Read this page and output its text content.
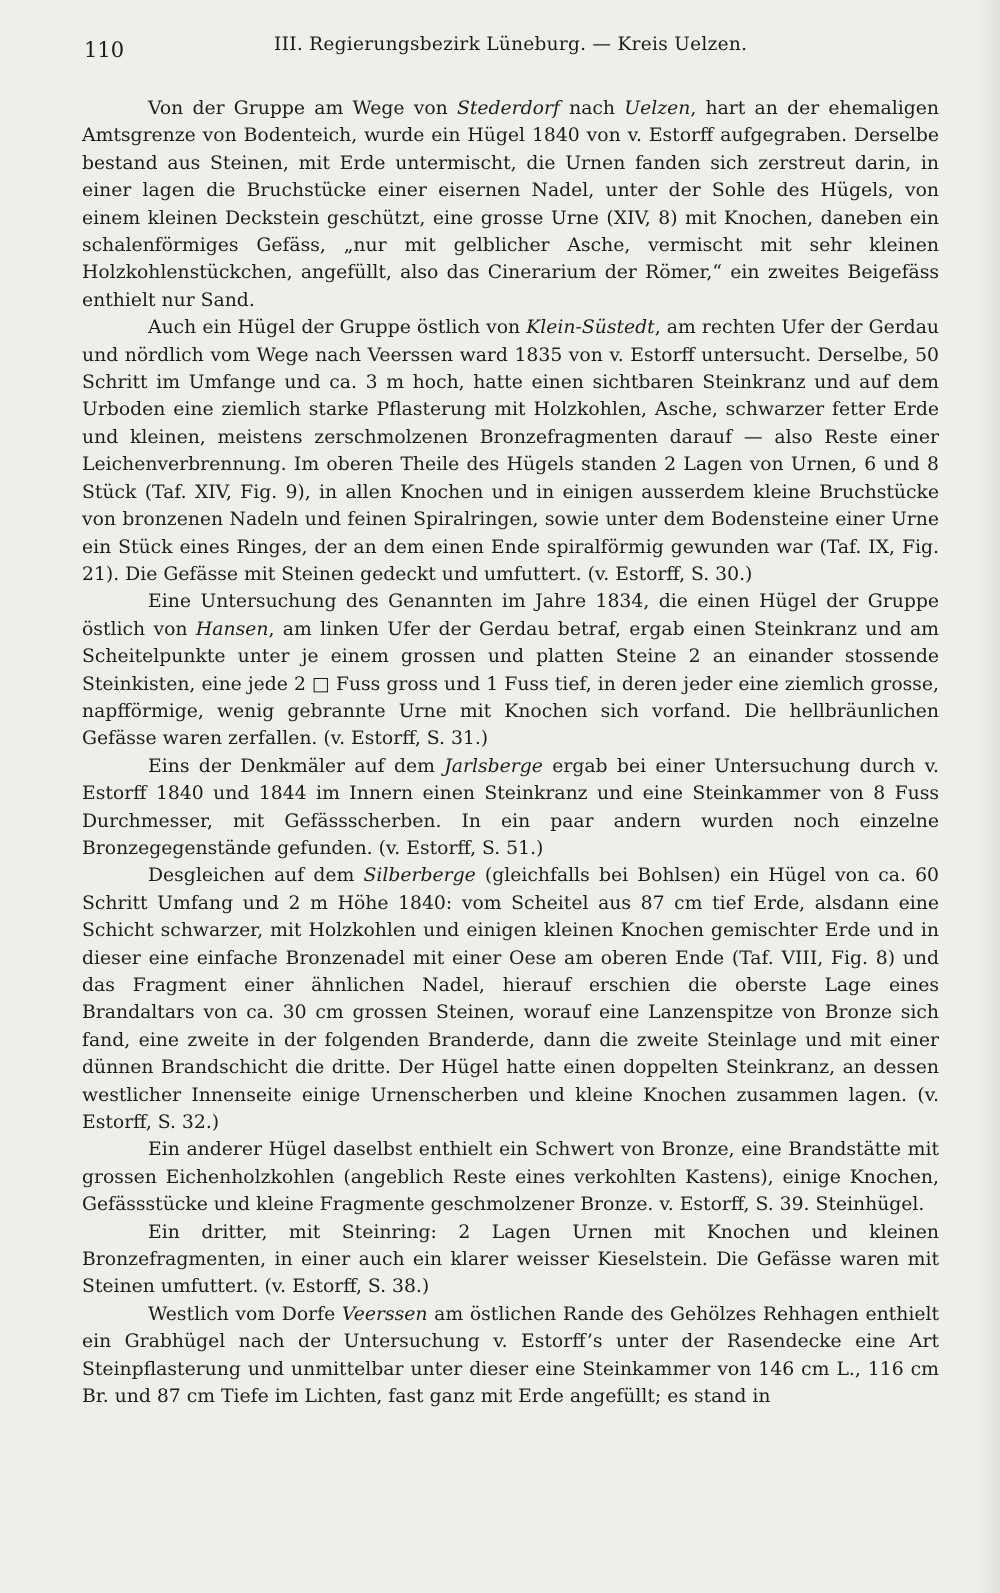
110	III. Regierungsbezirk Lüneburg. — Kreis Uelzen.

Von der Gruppe am Wege von Stederdorf nach Uelzen, hart an der ehemaligen Amtsgrenze von Bodenteich, wurde ein Hügel 1840 von v. Estorff aufgegraben. Derselbe bestand aus Steinen, mit Erde untermischt, die Urnen fanden sich zerstreut darin, in einer lagen die Bruchstücke einer eisernen Nadel, unter der Sohle des Hügels, von einem kleinen Deckstein geschützt, eine grosse Urne (XIV, 8) mit Knochen, daneben ein schalenförmiges Gefäss, „nur mit gelblicher Asche, vermischt mit sehr kleinen Holzkohlenstückchen, angefüllt, also das Cinerarium der Römer,“ ein zweites Beigefäss enthielt nur Sand.

Auch ein Hügel der Gruppe östlich von Klein-Süstedt, am rechten Ufer der Gerdau und nördlich vom Wege nach Veerssen ward 1835 von v. Estorff untersucht. Derselbe, 50 Schritt im Umfange und ca. 3 m hoch, hatte einen sichtbaren Steinkranz und auf dem Urboden eine ziemlich starke Pflasterung mit Holzkohlen, Asche, schwarzer fetter Erde und kleinen, meistens zerschmolzenen Bronzefragmenten darauf — also Reste einer Leichenverbrennung. Im oberen Theile des Hügels standen 2 Lagen von Urnen, 6 und 8 Stück (Taf. XIV, Fig. 9), in allen Knochen und in einigen ausserdem kleine Bruchstücke von bronzenen Nadeln und feinen Spiralringen, sowie unter dem Bodensteine einer Urne ein Stück eines Ringes, der an dem einen Ende spiralförmig gewunden war (Taf. IX, Fig. 21). Die Gefässe mit Steinen gedeckt und umfuttert. (v. Estorff, S. 30.)

Eine Untersuchung des Genannten im Jahre 1834, die einen Hügel der Gruppe östlich von Hansen, am linken Ufer der Gerdau betraf, ergab einen Steinkranz und am Scheitelpunkte unter je einem grossen und platten Steine 2 an einander stossende Steinkisten, eine jede 2 □ Fuss gross und 1 Fuss tief, in deren jeder eine ziemlich grosse, napfförmige, wenig gebrannte Urne mit Knochen sich vorfand. Die hellbräunlichen Gefässe waren zerfallen. (v. Estorff, S. 31.)

Eins der Denkmäler auf dem Jarlsberge ergab bei einer Untersuchung durch v. Estorff 1840 und 1844 im Innern einen Steinkranz und eine Steinkammer von 8 Fuss Durchmesser, mit Gefässscherben. In ein paar andern wurden noch einzelne Bronzegegenstände gefunden. (v. Estorff, S. 51.)

Desgleichen auf dem Silberberge (gleichfalls bei Bohlsen) ein Hügel von ca. 60 Schritt Umfang und 2 m Höhe 1840: vom Scheitel aus 87 cm tief Erde, alsdann eine Schicht schwarzer, mit Holzkohlen und einigen kleinen Knochen gemischter Erde und in dieser eine einfache Bronzenadel mit einer Oese am oberen Ende (Taf. VIII, Fig. 8) und das Fragment einer ähnlichen Nadel, hierauf erschien die oberste Lage eines Brandaltars von ca. 30 cm grossen Steinen, worauf eine Lanzenspitze von Bronze sich fand, eine zweite in der folgenden Branderde, dann die zweite Steinlage und mit einer dünnen Brandschicht die dritte. Der Hügel hatte einen doppelten Steinkranz, an dessen westlicher Innenseite einige Urnenscherben und kleine Knochen zusammen lagen. (v. Estorff, S. 32.)

Ein anderer Hügel daselbst enthielt ein Schwert von Bronze, eine Brandstätte mit grossen Eichenholzkohlen (angeblich Reste eines verkohlten Kastens), einige Knochen, Gefässstücke und kleine Fragmente geschmolzener Bronze. v. Estorff, S. 39. Steinhügel.

Ein dritter, mit Steinring: 2 Lagen Urnen mit Knochen und kleinen Bronzefragmenten, in einer auch ein klarer weisser Kieselstein. Die Gefässe waren mit Steinen umfuttert. (v. Estorff, S. 38.)

Westlich vom Dorfe Veerssen am östlichen Rande des Gehölzes Rehhagen enthielt ein Grabhügel nach der Untersuchung v. Estorff’s unter der Rasendecke eine Art Steinpflasterung und unmittelbar unter dieser eine Steinkammer von 146 cm L., 116 cm Br. und 87 cm Tiefe im Lichten, fast ganz mit Erde angefüllt; es stand in
